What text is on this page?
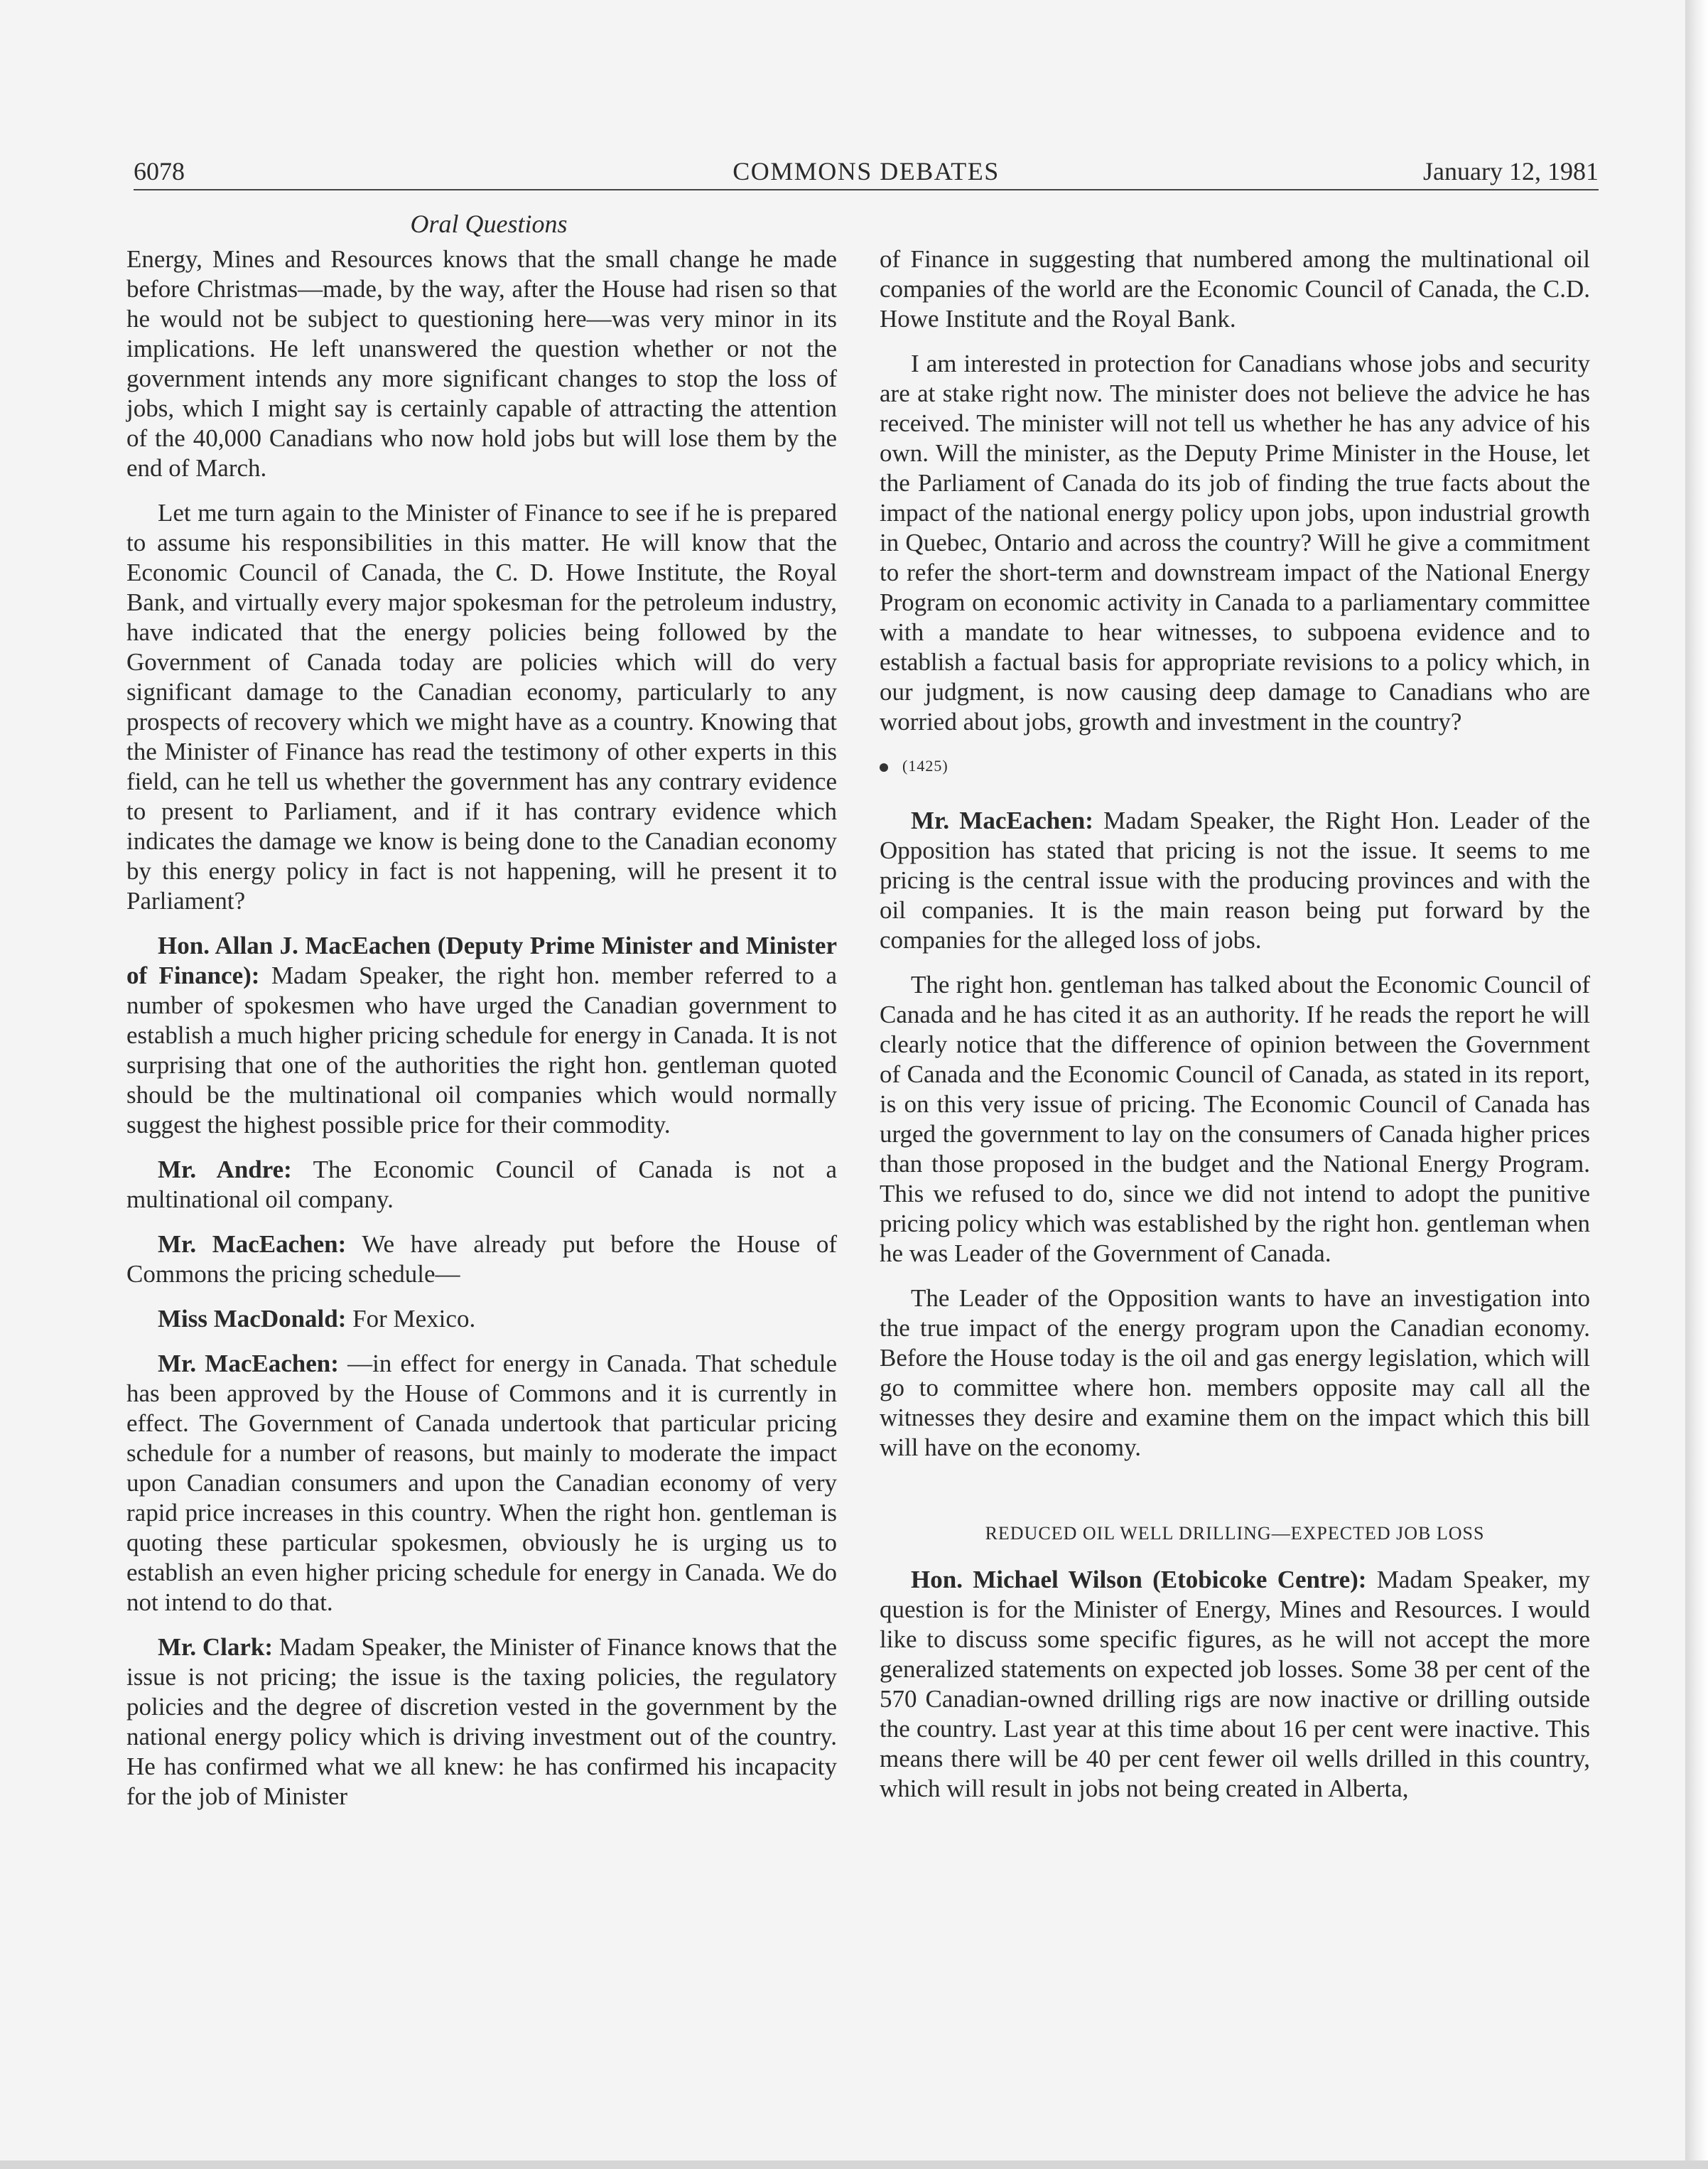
6078	COMMONS DEBATES	January 12, 1981
Oral Questions

Energy, Mines and Resources knows that the small change he made before Christmas—made, by the way, after the House had risen so that he would not be subject to questioning here—was very minor in its implications. He left unanswered the question whether or not the government intends any more significant changes to stop the loss of jobs, which I might say is certainly capable of attracting the attention of the 40,000 Canadians who now hold jobs but will lose them by the end of March.

Let me turn again to the Minister of Finance to see if he is prepared to assume his responsibilities in this matter. He will know that the Economic Council of Canada, the C. D. Howe Institute, the Royal Bank, and virtually every major spokesman for the petroleum industry, have indicated that the energy policies being followed by the Government of Canada today are policies which will do very significant damage to the Canadian economy, particularly to any prospects of recovery which we might have as a country. Knowing that the Minister of Finance has read the testimony of other experts in this field, can he tell us whether the government has any contrary evidence to present to Parliament, and if it has contrary evidence which indicates the damage we know is being done to the Canadian economy by this energy policy in fact is not happening, will he present it to Parliament?

Hon. Allan J. MacEachen (Deputy Prime Minister and Minister of Finance): Madam Speaker, the right hon. member referred to a number of spokesmen who have urged the Canadian government to establish a much higher pricing schedule for energy in Canada. It is not surprising that one of the authorities the right hon. gentleman quoted should be the multinational oil companies which would normally suggest the highest possible price for their commodity.

Mr. Andre: The Economic Council of Canada is not a multinational oil company.

Mr. MacEachen: We have already put before the House of Commons the pricing schedule—

Miss MacDonald: For Mexico.

Mr. MacEachen: —in effect for energy in Canada. That schedule has been approved by the House of Commons and it is currently in effect. The Government of Canada undertook that particular pricing schedule for a number of reasons, but mainly to moderate the impact upon Canadian consumers and upon the Canadian economy of very rapid price increases in this country. When the right hon. gentleman is quoting these particular spokesmen, obviously he is urging us to establish an even higher pricing schedule for energy in Canada. We do not intend to do that.

Mr. Clark: Madam Speaker, the Minister of Finance knows that the issue is not pricing; the issue is the taxing policies, the regulatory policies and the degree of discretion vested in the government by the national energy policy which is driving investment out of the country. He has confirmed what we all knew: he has confirmed his incapacity for the job of Minister

of Finance in suggesting that numbered among the multinational oil companies of the world are the Economic Council of Canada, the C.D. Howe Institute and the Royal Bank.

I am interested in protection for Canadians whose jobs and security are at stake right now. The minister does not believe the advice he has received. The minister will not tell us whether he has any advice of his own. Will the minister, as the Deputy Prime Minister in the House, let the Parliament of Canada do its job of finding the true facts about the impact of the national energy policy upon jobs, upon industrial growth in Quebec, Ontario and across the country? Will he give a commitment to refer the short-term and downstream impact of the National Energy Program on economic activity in Canada to a parliamentary committee with a mandate to hear witnesses, to subpoena evidence and to establish a factual basis for appropriate revisions to a policy which, in our judgment, is now causing deep damage to Canadians who are worried about jobs, growth and investment in the country?

(1425)

Mr. MacEachen: Madam Speaker, the Right Hon. Leader of the Opposition has stated that pricing is not the issue. It seems to me pricing is the central issue with the producing provinces and with the oil companies. It is the main reason being put forward by the companies for the alleged loss of jobs.

The right hon. gentleman has talked about the Economic Council of Canada and he has cited it as an authority. If he reads the report he will clearly notice that the difference of opinion between the Government of Canada and the Economic Council of Canada, as stated in its report, is on this very issue of pricing. The Economic Council of Canada has urged the government to lay on the consumers of Canada higher prices than those proposed in the budget and the National Energy Program. This we refused to do, since we did not intend to adopt the punitive pricing policy which was established by the right hon. gentleman when he was Leader of the Government of Canada.

The Leader of the Opposition wants to have an investigation into the true impact of the energy program upon the Canadian economy. Before the House today is the oil and gas energy legislation, which will go to committee where hon. members opposite may call all the witnesses they desire and examine them on the impact which this bill will have on the economy.

REDUCED OIL WELL DRILLING—EXPECTED JOB LOSS

Hon. Michael Wilson (Etobicoke Centre): Madam Speaker, my question is for the Minister of Energy, Mines and Resources. I would like to discuss some specific figures, as he will not accept the more generalized statements on expected job losses. Some 38 per cent of the 570 Canadian-owned drilling rigs are now inactive or drilling outside the country. Last year at this time about 16 per cent were inactive. This means there will be 40 per cent fewer oil wells drilled in this country, which will result in jobs not being created in Alberta,
